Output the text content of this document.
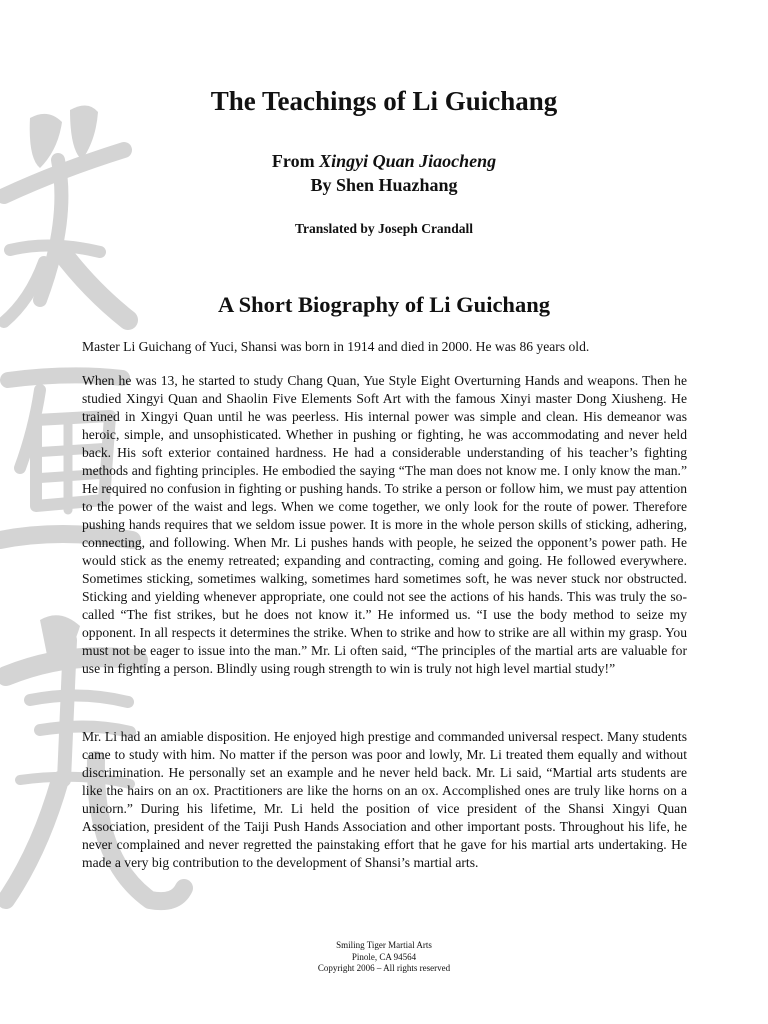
The Teachings of Li Guichang
From Xingyi Quan Jiaocheng
By Shen Huazhang
Translated by Joseph Crandall
A Short Biography of Li Guichang

Master Li Guichang of Yuci, Shansi was born in 1914 and died in 2000. He was 86 years old.

When he was 13, he started to study Chang Quan, Yue Style Eight Overturning Hands and weapons. Then he studied Xingyi Quan and Shaolin Five Elements Soft Art with the famous Xinyi master Dong Xiusheng. He trained in Xingyi Quan until he was peerless. His internal power was simple and clean. His demeanor was heroic, simple, and unsophisticated. Whether in pushing or fighting, he was accommodating and never held back. His soft exterior contained hardness. He had a considerable understanding of his teacher’s fighting methods and fighting principles. He embodied the saying “The man does not know me. I only know the man.” He required no confusion in fighting or pushing hands. To strike a person or follow him, we must pay attention to the power of the waist and legs. When we come together, we only look for the route of power. Therefore pushing hands requires that we seldom issue power. It is more in the whole person skills of sticking, adhering, connecting, and following. When Mr. Li pushes hands with people, he seized the opponent’s power path. He would stick as the enemy retreated; expanding and contracting, coming and going. He followed everywhere. Sometimes sticking, sometimes walking, sometimes hard sometimes soft, he was never stuck nor obstructed. Sticking and yielding whenever appropriate, one could not see the actions of his hands. This was truly the so-called “The fist strikes, but he does not know it.” He informed us. “I use the body method to seize my opponent. In all respects it determines the strike. When to strike and how to strike are all within my grasp. You must not be eager to issue into the man.” Mr. Li often said, “The principles of the martial arts are valuable for use in fighting a person. Blindly using rough strength to win is truly not high level martial study!”

Mr. Li had an amiable disposition. He enjoyed high prestige and commanded universal respect. Many students came to study with him. No matter if the person was poor and lowly, Mr. Li treated them equally and without discrimination. He personally set an example and he never held back. Mr. Li said, “Martial arts students are like the hairs on an ox. Practitioners are like the horns on an ox. Accomplished ones are truly like horns on a unicorn.” During his lifetime, Mr. Li held the position of vice president of the Shansi Xingyi Quan Association, president of the Taiji Push Hands Association and other important posts. Throughout his life, he never complained and never regretted the painstaking effort that he gave for his martial arts undertaking. He made a very big contribution to the development of Shansi’s martial arts.

Smiling Tiger Martial Arts
Pinole, CA 94564
Copyright 2006 – All rights reserved
